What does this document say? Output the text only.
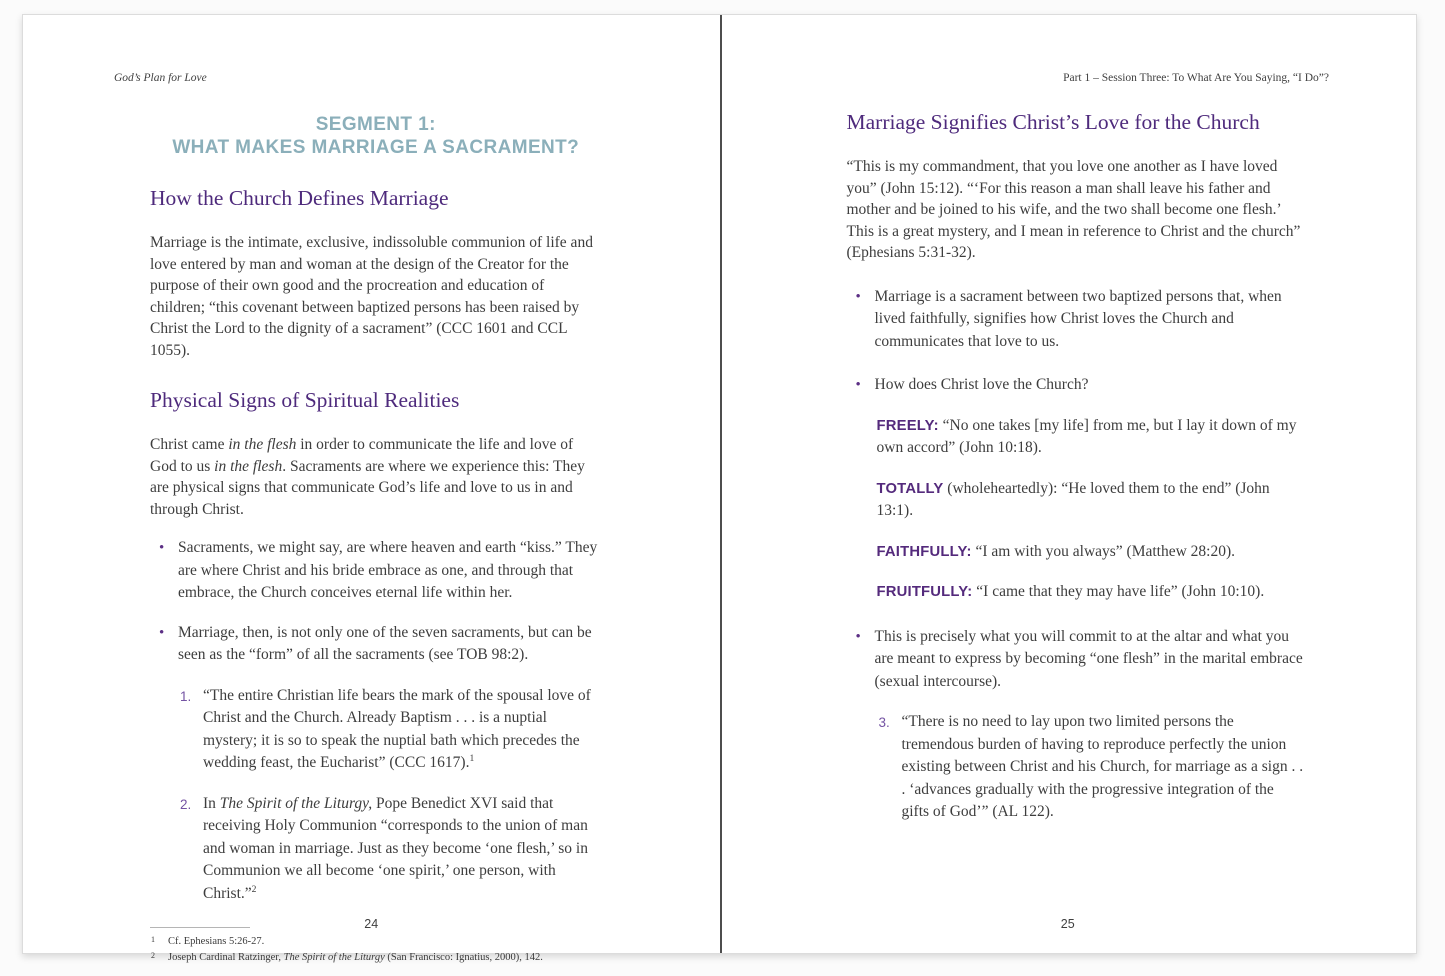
God’s Plan for Love
SEGMENT 1:
WHAT MAKES MARRIAGE A SACRAMENT?
How the Church Defines Marriage

Marriage is the intimate, exclusive, indissoluble communion of life and love entered by man and woman at the design of the Creator for the purpose of their own good and the procreation and education of children; “this covenant between baptized persons has been raised by Christ the Lord to the dignity of a sacrament” (CCC 1601 and CCL 1055).

Physical Signs of Spiritual Realities

Christ came in the flesh in order to communicate the life and love of God to us in the flesh. Sacraments are where we experience this: They are physical signs that communicate God’s life and love to us in and through Christ.

• Sacraments, we might say, are where heaven and earth “kiss.” They are where Christ and his bride embrace as one, and through that embrace, the Church conceives eternal life within her.
• Marriage, then, is not only one of the seven sacraments, but can be seen as the “form” of all the sacraments (see TOB 98:2).
1. “The entire Christian life bears the mark of the spousal love of Christ and the Church. Already Baptism . . . is a nuptial mystery; it is so to speak the nuptial bath which precedes the wedding feast, the Eucharist” (CCC 1617).$^1$
2. In The Spirit of the Liturgy, Pope Benedict XVI said that receiving Holy Communion “corresponds to the union of man and woman in marriage. Just as they become ‘one flesh,’ so in Communion we all become ‘one spirit,’ one person, with Christ.”$^2$
1 Cf. Ephesians 5:26-27.
2 Joseph Cardinal Ratzinger, The Spirit of the Liturgy (San Francisco: Ignatius, 2000), 142.
24
Part 1 – Session Three: To What Are You Saying, “I Do”?
Marriage Signifies Christ’s Love for the Church

“This is my commandment, that you love one another as I have loved you” (John 15:12). “‘For this reason a man shall leave his father and mother and be joined to his wife, and the two shall become one flesh.’ This is a great mystery, and I mean in reference to Christ and the church” (Ephesians 5:31-32).

• Marriage is a sacrament between two baptized persons that, when lived faithfully, signifies how Christ loves the Church and communicates that love to us.
• How does Christ love the Church?
FREELY: “No one takes [my life] from me, but I lay it down of my own accord” (John 10:18).
TOTALLY (wholeheartedly): “He loved them to the end” (John 13:1).
FAITHFULLY: “I am with you always” (Matthew 28:20).
FRUITFULLY: “I came that they may have life” (John 10:10).
• This is precisely what you will commit to at the altar and what you are meant to express by becoming “one flesh” in the marital embrace (sexual intercourse).
3. “There is no need to lay upon two limited persons the tremendous burden of having to reproduce perfectly the union existing between Christ and his Church, for marriage as a sign . . . ‘advances gradually with the progressive integration of the gifts of God’” (AL 122).
25
